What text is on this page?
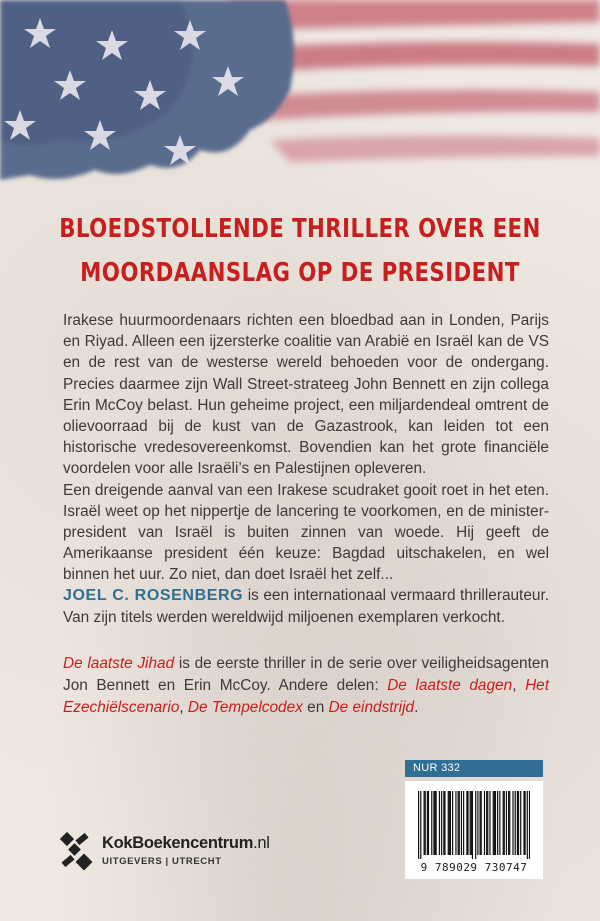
BLOEDSTOLLENDE THRILLER OVER EEN
MOORDAANSLAG OP DE PRESIDENT

Irakese huurmoordenaars richten een bloedbad aan in Londen, Parijs en Riyad. Alleen een ijzersterke coalitie van Arabië en Israël kan de VS en de rest van de westerse wereld behoeden voor de ondergang. Precies daarmee zijn Wall Street-strateeg John Bennett en zijn collega Erin McCoy belast. Hun geheime project, een miljardendeal omtrent de olievoorraad bij de kust van de Gazastrook, kan leiden tot een historische vredesovereenkomst. Bovendien kan het grote financiële voordelen voor alle Israëli’s en Palestijnen opleveren.

Een dreigende aanval van een Irakese scudraket gooit roet in het eten. Israël weet op het nippertje de lancering te voorkomen, en de minister-president van Israël is buiten zinnen van woede. Hij geeft de Amerikaanse president één keuze: Bagdad uitschakelen, en wel binnen het uur. Zo niet, dan doet Israël het zelf...

JOEL C. ROSENBERG is een internationaal vermaard thrillerauteur. Van zijn titels werden wereldwijd miljoenen exemplaren verkocht.
De laatste Jihad is de eerste thriller in de serie over veiligheidsagenten Jon Bennett en Erin McCoy. Andere delen: De laatste dagen, Het Ezechiëlscenario, De Tempelcodex en De eindstrijd.
NUR 332
9 789029 730747
KokBoekencentrum.nl
UITGEVERS | UTRECHT
